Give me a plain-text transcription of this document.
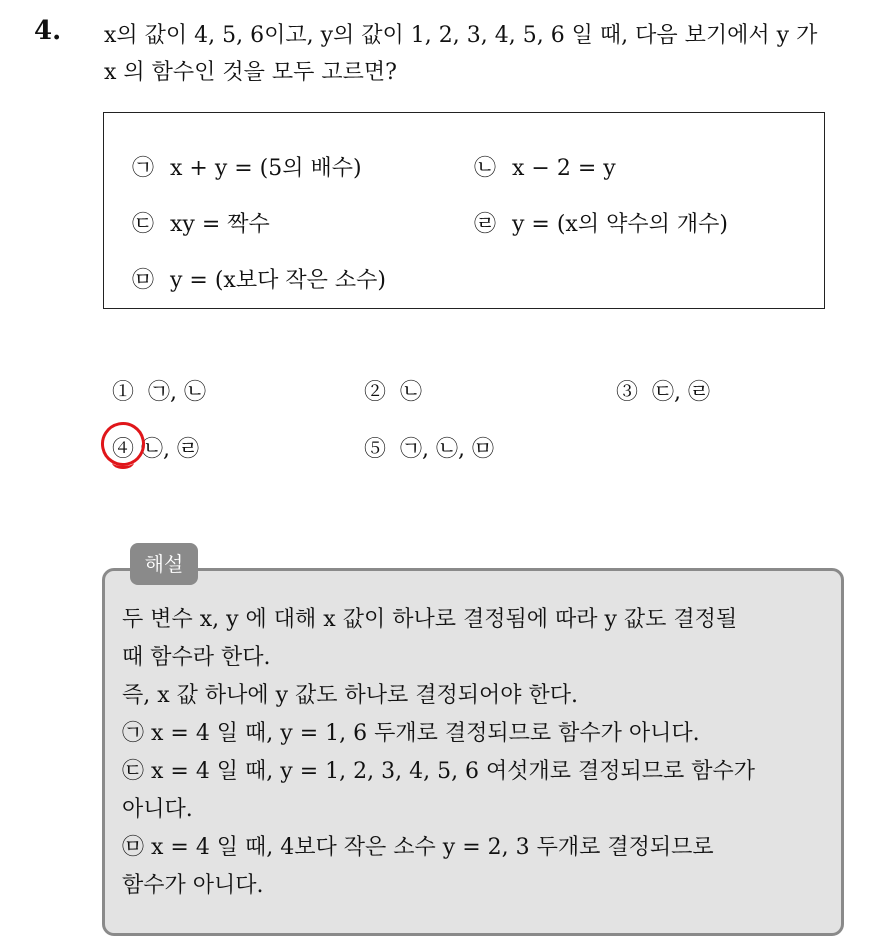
4. x의 값이 4, 5, 6이고, y의 값이 1, 2, 3, 4, 5, 6 일 때, 다음 보기에서 y 가
x 의 함수인 것을 모두 고르면?
㉠ x + y = (5의 배수)	㉡ x − 2 = y
㉢ xy = 짝수	㉣ y = (x의 약수의 개수)
㉤ y = (x보다 작은 소수)
① ㉠, ㉡	② ㉡	③ ㉢, ㉣
④ ㉡, ㉣	⑤ ㉠, ㉡, ㉤
해설
두 변수 x, y 에 대해 x 값이 하나로 결정됨에 따라 y 값도 결정될
때 함수라 한다.
즉, x 값 하나에 y 값도 하나로 결정되어야 한다.
㉠ x = 4 일 때, y = 1, 6 두개로 결정되므로 함수가 아니다.
㉢ x = 4 일 때, y = 1, 2, 3, 4, 5, 6 여섯개로 결정되므로 함수가
아니다.
㉤ x = 4 일 때, 4보다 작은 소수 y = 2, 3 두개로 결정되므로
함수가 아니다.
